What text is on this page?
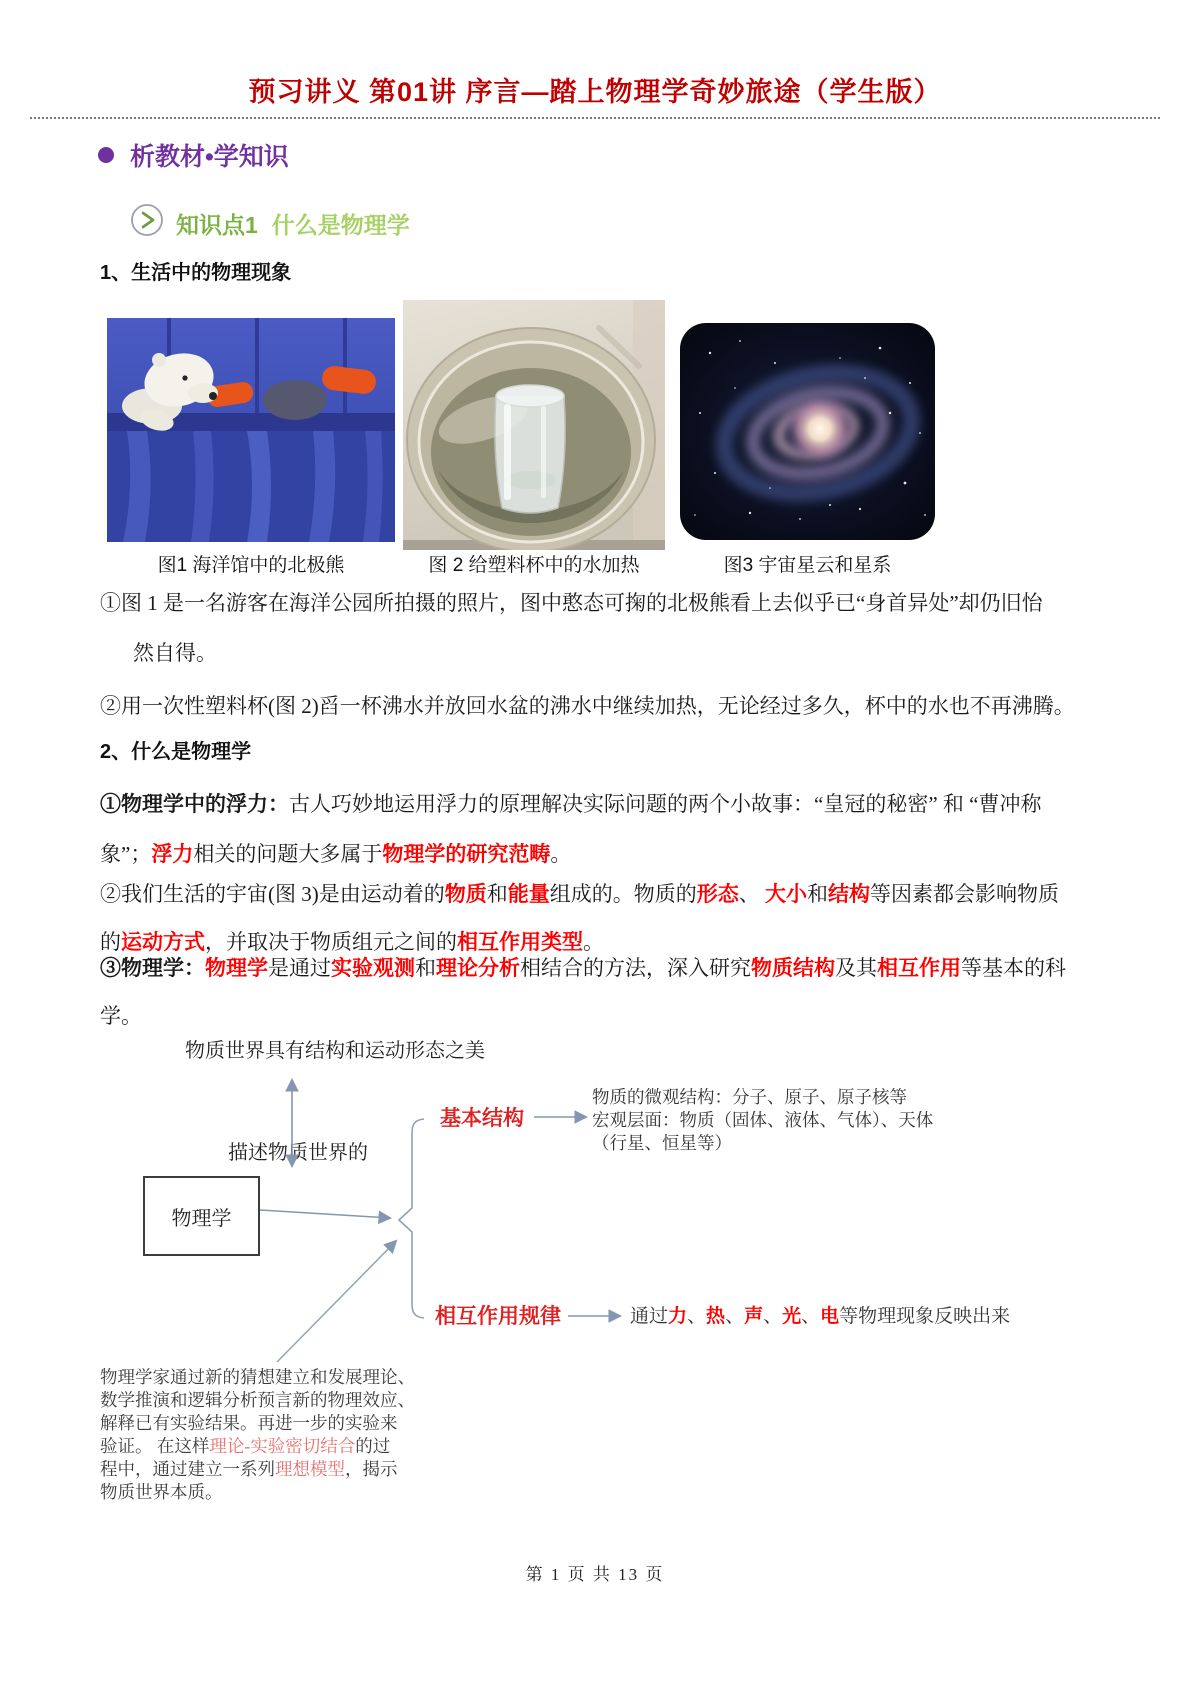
预习讲义 第01讲 序言—踏上物理学奇妙旅途（学生版）
析教材•学知识
知识点1 什么是物理学
1、生活中的物理现象
图1 海洋馆中的北极熊	图 2 给塑料杯中的水加热	图3 宇宙星云和星系
①图 1 是一名游客在海洋公园所拍摄的照片，图中憨态可掬的北极熊看上去似乎已“身首异处”却仍旧怡
然自得。
②用一次性塑料杯(图 2)舀一杯沸水并放回水盆的沸水中继续加热，无论经过多久，杯中的水也不再沸腾。
2、什么是物理学
①物理学中的浮力：古人巧妙地运用浮力的原理解决实际问题的两个小故事：“皇冠的秘密” 和 “曹冲称
象”；浮力相关的问题大多属于物理学的研究范畴。
②我们生活的宇宙(图 3)是由运动着的物质和能量组成的。物质的形态、 大小和结构等因素都会影响物质
的运动方式，并取决于物质组元之间的相互作用类型。
③物理学：物理学是通过实验观测和理论分析相结合的方法，深入研究物质结构及其相互作用等基本的科
学。
物质世界具有结构和运动形态之美
描述物质世界的
物理学
基本结构
物质的微观结构：分子、原子、原子核等
宏观层面：物质（固体、液体、气体）、天体
（行星、恒星等）
相互作用规律	通过力、热、声、光、电等物理现象反映出来
物理学家通过新的猜想建立和发展理论、
数学推演和逻辑分析预言新的物理效应、
解释已有实验结果。再进一步的实验来
验证。 在这样理论-实验密切结合的过
程中，通过建立一系列理想模型，揭示
物质世界本质。
第 1 页 共 13 页
